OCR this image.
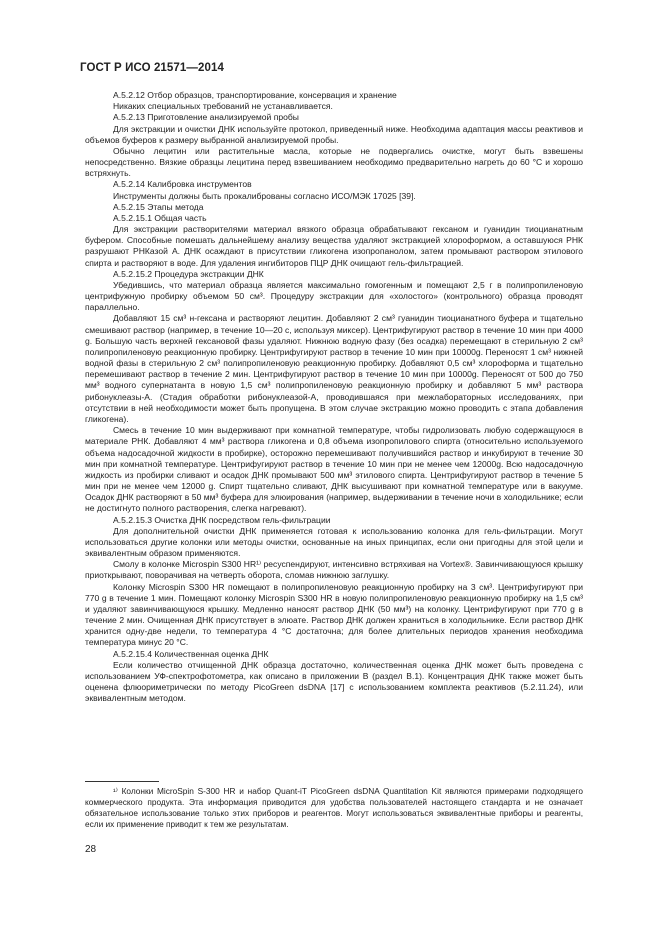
ГОСТ Р ИСО 21571—2014

A.5.2.12 Отбор образцов, транспортирование, консервация и хранение

Никаких специальных требований не устанавливается.

A.5.2.13 Приготовление анализируемой пробы

Для экстракции и очистки ДНК используйте протокол, приведенный ниже. Необходима адаптация массы реактивов и объемов буферов к размеру выбранной анализируемой пробы.

Обычно лецитин или растительные масла, которые не подвергались очистке, могут быть взвешены непосредственно. Вязкие образцы лецитина перед взвешиванием необходимо предварительно нагреть до 60 °C и хорошо встряхнуть.

A.5.2.14 Калибровка инструментов

Инструменты должны быть прокалиброваны согласно ИСО/МЭК 17025 [39].

A.5.2.15 Этапы метода

A.5.2.15.1 Общая часть

Для экстракции растворителями материал вязкого образца обрабатывают гексаном и гуанидин тиоцианатным буфером. Способные помешать дальнейшему анализу вещества удаляют экстракцией хлороформом, а оставшуюся РНК разрушают РНКазой А. ДНК осаждают в присутствии гликогена изопропанолом, затем промывают раствором этилового спирта и растворяют в воде. Для удаления ингибиторов ПЦР ДНК очищают гель-фильтрацией.

A.5.2.15.2 Процедура экстракции ДНК

Убедившись, что материал образца является максимально гомогенным и помещают 2,5 г в полипропиленовую центрифужную пробирку объемом 50 см³. Процедуру экстракции для «холостого» (контрольного) образца проводят параллельно.

Добавляют 15 см³ н-гексана и растворяют лецитин. Добавляют 2 см³ гуанидин тиоцианатного буфера и тщательно смешивают раствор (например, в течение 10—20 с, используя миксер). Центрифугируют раствор в течение 10 мин при 4000 g. Большую часть верхней гексановой фазы удаляют. Нижнюю водную фазу (без осадка) перемещают в стерильную 2 см³ полипропиленовую реакционную пробирку. Центрифугируют раствор в течение 10 мин при 10000g. Переносят 1 см³ нижней водной фазы в стерильную 2 см³ полипропиленовую реакционную пробирку. Добавляют 0,5 см³ хлороформа и тщательно перемешивают раствор в течение 2 мин. Центрифугируют раствор в течение 10 мин при 10000g. Переносят от 500 до 750 мм³ водного супернатанта в новую 1,5 см³ полипропиленовую реакционную пробирку и добавляют 5 мм³ раствора рибонуклеазы-А. (Стадия обработки рибонуклеазой-А, проводившаяся при межлабораторных исследованиях, при отсутствии в ней необходимости может быть пропущена. В этом случае экстракцию можно проводить с этапа добавления гликогена).

Смесь в течение 10 мин выдерживают при комнатной температуре, чтобы гидролизовать любую содержащуюся в материале РНК. Добавляют 4 мм³ раствора гликогена и 0,8 объема изопропилового спирта (относительно используемого объема надосадочной жидкости в пробирке), осторожно перемешивают получившийся раствор и инкубируют в течение 30 мин при комнатной температуре. Центрифугируют раствор в течение 10 мин при не менее чем 12000g. Всю надосадочную жидкость из пробирки сливают и осадок ДНК промывают 500 мм³ этилового спирта. Центрифугируют раствор в течение 5 мин при не менее чем 12000 g. Спирт тщательно сливают, ДНК высушивают при комнатной температуре или в вакууме. Осадок ДНК растворяют в 50 мм³ буфера для элюирования (например, выдерживании в течение ночи в холодильнике; если не достигнуто полного растворения, слегка нагревают).

A.5.2.15.3 Очистка ДНК посредством гель-фильтрации

Для дополнительной очистки ДНК применяется готовая к использованию колонка для гель-фильтрации. Могут использоваться другие колонки или методы очистки, основанные на иных принципах, если они пригодны для этой цели и эквивалентным образом применяются.

Смолу в колонке Microspin S300 HR¹⁾ ресуспендируют, интенсивно встряхивая на Vortex®. Завинчивающуюся крышку приоткрывают, поворачивая на четверть оборота, сломав нижнюю заглушку.

Колонку Microspin S300 HR помещают в полипропиленовую реакционную пробирку на 3 см³. Центрифугируют при 770 g в течение 1 мин. Помещают колонку Microspin S300 HR в новую полипропиленовую реакционную пробирку на 1,5 см³ и удаляют завинчивающуюся крышку. Медленно наносят раствор ДНК (50 мм³) на колонку. Центрифугируют при 770 g в течение 2 мин. Очищенная ДНК присутствует в элюате. Раствор ДНК должен храниться в холодильнике. Если раствор ДНК хранится одну-две недели, то температура 4 °C достаточна; для более длительных периодов хранения необходима температура минус 20 °C.

A.5.2.15.4 Количественная оценка ДНК

Если количество отчищенной ДНК образца достаточно, количественная оценка ДНК может быть проведена с использованием УФ-спектрофотометра, как описано в приложении В (раздел В.1). Концентрация ДНК также может быть оценена флюориметрически по методу PicoGreen dsDNA [17] с использованием комплекта реактивов (5.2.11.24), или эквивалентным методом.

¹⁾ Колонки MicroSpin S-300 HR и набор Quant-iT PicoGreen dsDNA Quantitation Kit являются примерами подходящего коммерческого продукта. Эта информация приводится для удобства пользователей настоящего стандарта и не означает обязательное использование только этих приборов и реагентов. Могут использоваться эквивалентные приборы и реагенты, если их применение приводит к тем же результатам.

28
